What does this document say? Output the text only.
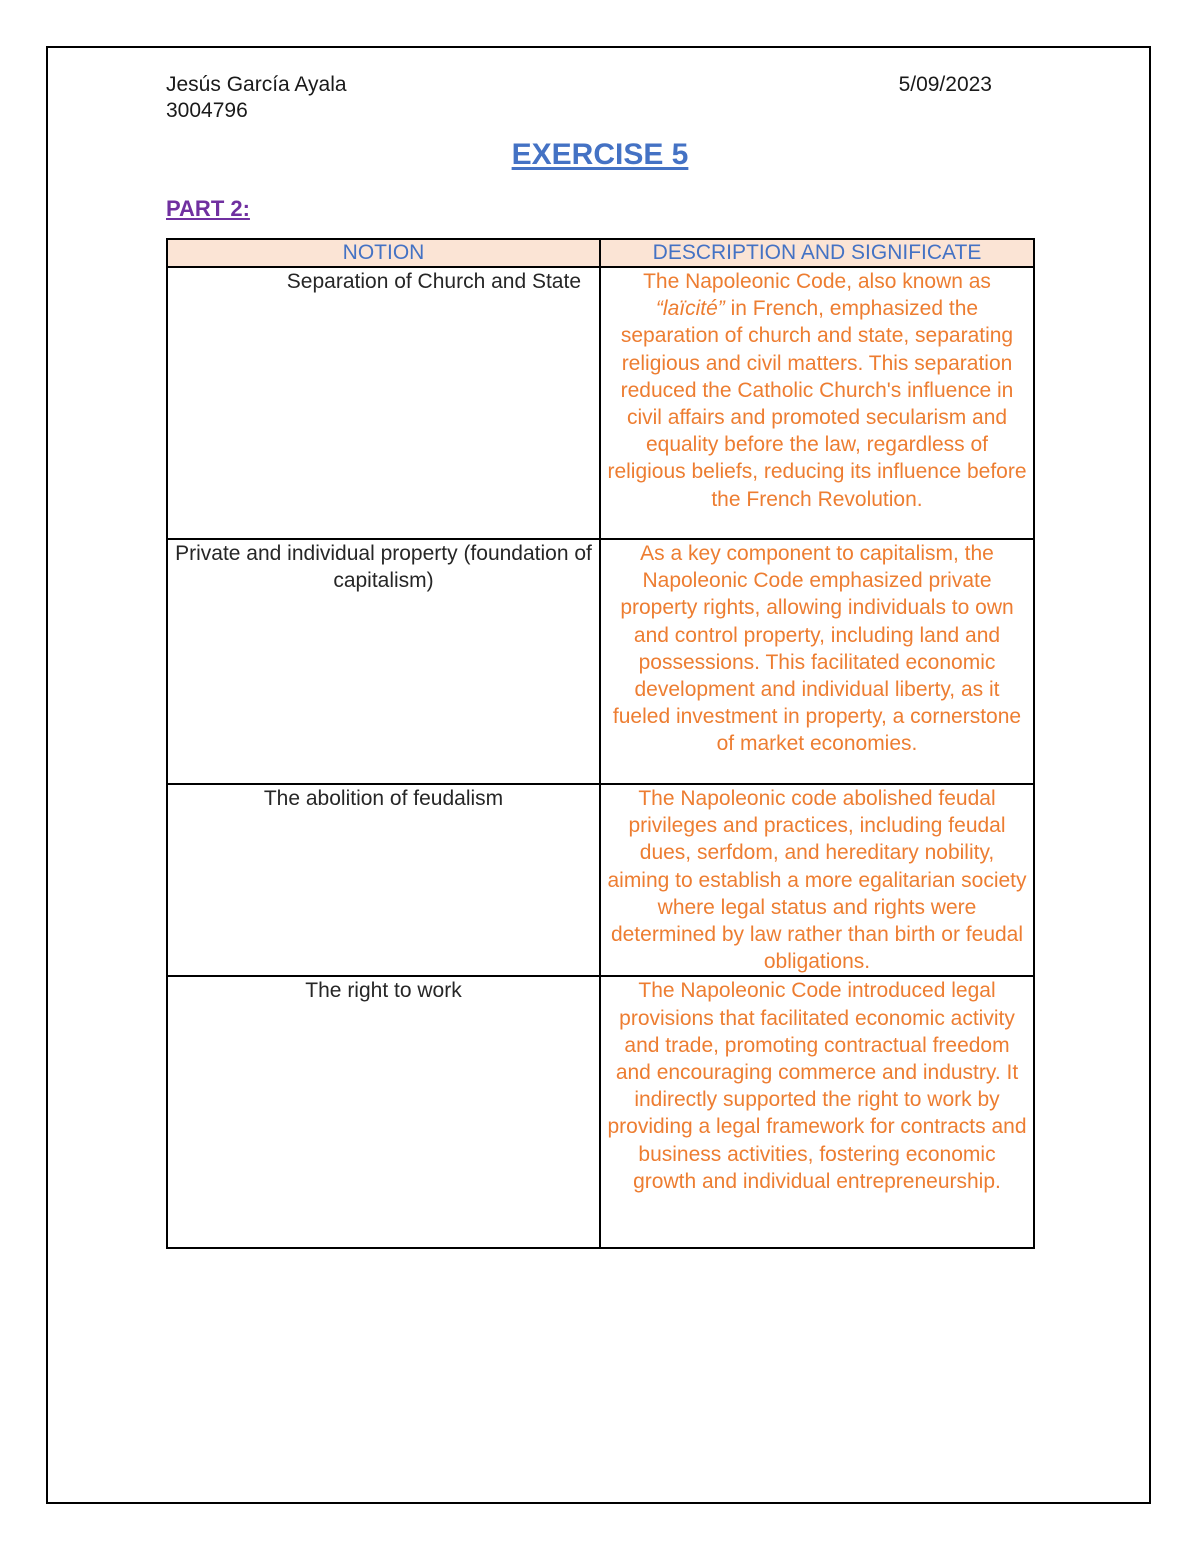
Jesús García Ayala
3004796
5/09/2023
EXERCISE 5
PART 2:
NOTION	DESCRIPTION AND SIGNIFICATE
Separation of Church and State	The Napoleonic Code, also known as “laïcité” in French, emphasized the separation of church and state, separating religious and civil matters. This separation reduced the Catholic Church's influence in civil affairs and promoted secularism and equality before the law, regardless of religious beliefs, reducing its influence before the French Revolution.
Private and individual property (foundation of capitalism)	As a key component to capitalism, the Napoleonic Code emphasized private property rights, allowing individuals to own and control property, including land and possessions. This facilitated economic development and individual liberty, as it fueled investment in property, a cornerstone of market economies.
The abolition of feudalism	The Napoleonic code abolished feudal privileges and practices, including feudal dues, serfdom, and hereditary nobility, aiming to establish a more egalitarian society where legal status and rights were determined by law rather than birth or feudal obligations.
The right to work	The Napoleonic Code introduced legal provisions that facilitated economic activity and trade, promoting contractual freedom and encouraging commerce and industry. It indirectly supported the right to work by providing a legal framework for contracts and business activities, fostering economic growth and individual entrepreneurship.
